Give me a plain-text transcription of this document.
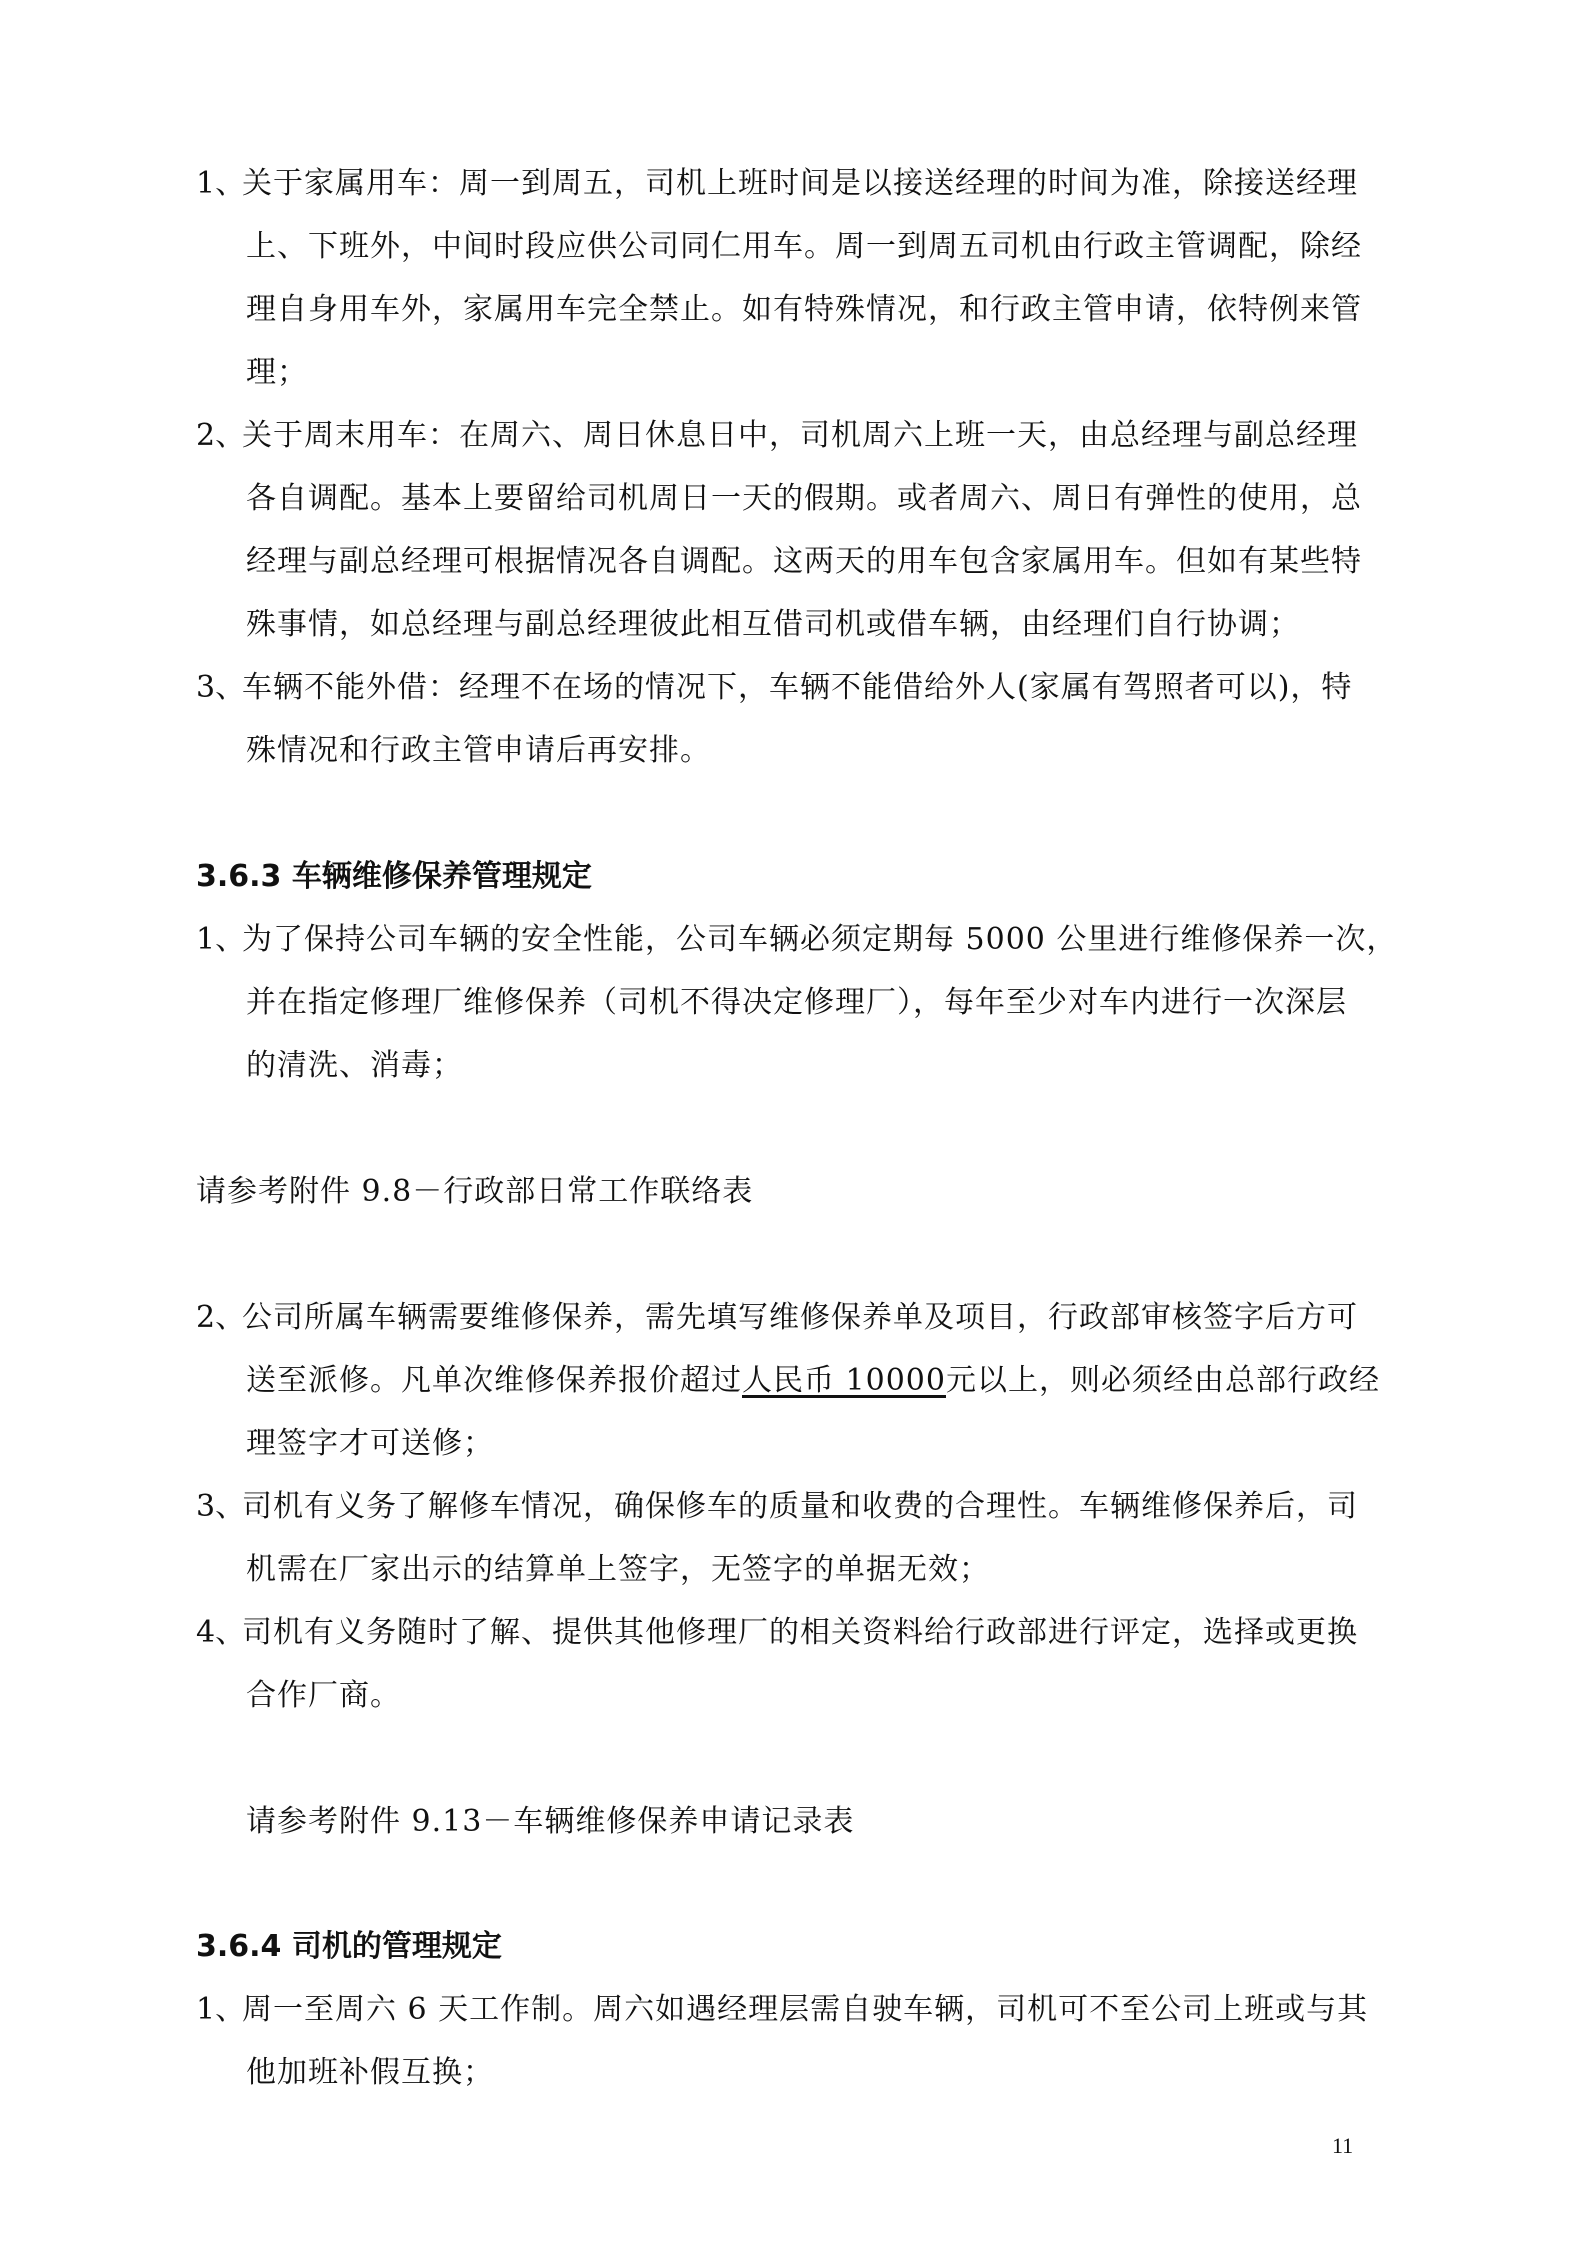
1、
关于家属用车：周一到周五，司机上班时间是以接送经理的时间为准，除接送经理
上、下班外，中间时段应供公司同仁用车。周一到周五司机由行政主管调配，除经
理自身用车外，家属用车完全禁止。如有特殊情况，和行政主管申请，依特例来管
理；
2、
关于周末用车：在周六、周日休息日中，司机周六上班一天，由总经理与副总经理
各自调配。基本上要留给司机周日一天的假期。或者周六、周日有弹性的使用，总
经理与副总经理可根据情况各自调配。这两天的用车包含家属用车。但如有某些特
殊事情，如总经理与副总经理彼此相互借司机或借车辆，由经理们自行协调；
3、
车辆不能外借：经理不在场的情况下，车辆不能借给外人(家属有驾照者可以)，特
殊情况和行政主管申请后再安排。
3.6.3 车辆维修保养管理规定
1、
为了保持公司车辆的安全性能，公司车辆必须定期每 5000 公里进行维修保养一次，
并在指定修理厂维修保养（司机不得决定修理厂），每年至少对车内进行一次深层
的清洗、消毒；
请参考附件 9.8－行政部日常工作联络表
2、
公司所属车辆需要维修保养，需先填写维修保养单及项目，行政部审核签字后方可
送至派修。凡单次维修保养报价超过人民币 10000元以上，则必须经由总部行政经
理签字才可送修；
3、
司机有义务了解修车情况，确保修车的质量和收费的合理性。车辆维修保养后，司
机需在厂家出示的结算单上签字，无签字的单据无效；
4、
司机有义务随时了解、提供其他修理厂的相关资料给行政部进行评定，选择或更换
合作厂商。
请参考附件 9.13－车辆维修保养申请记录表
3.6.4 司机的管理规定
1、
周一至周六 6 天工作制。周六如遇经理层需自驶车辆，司机可不至公司上班或与其
他加班补假互换；
11
